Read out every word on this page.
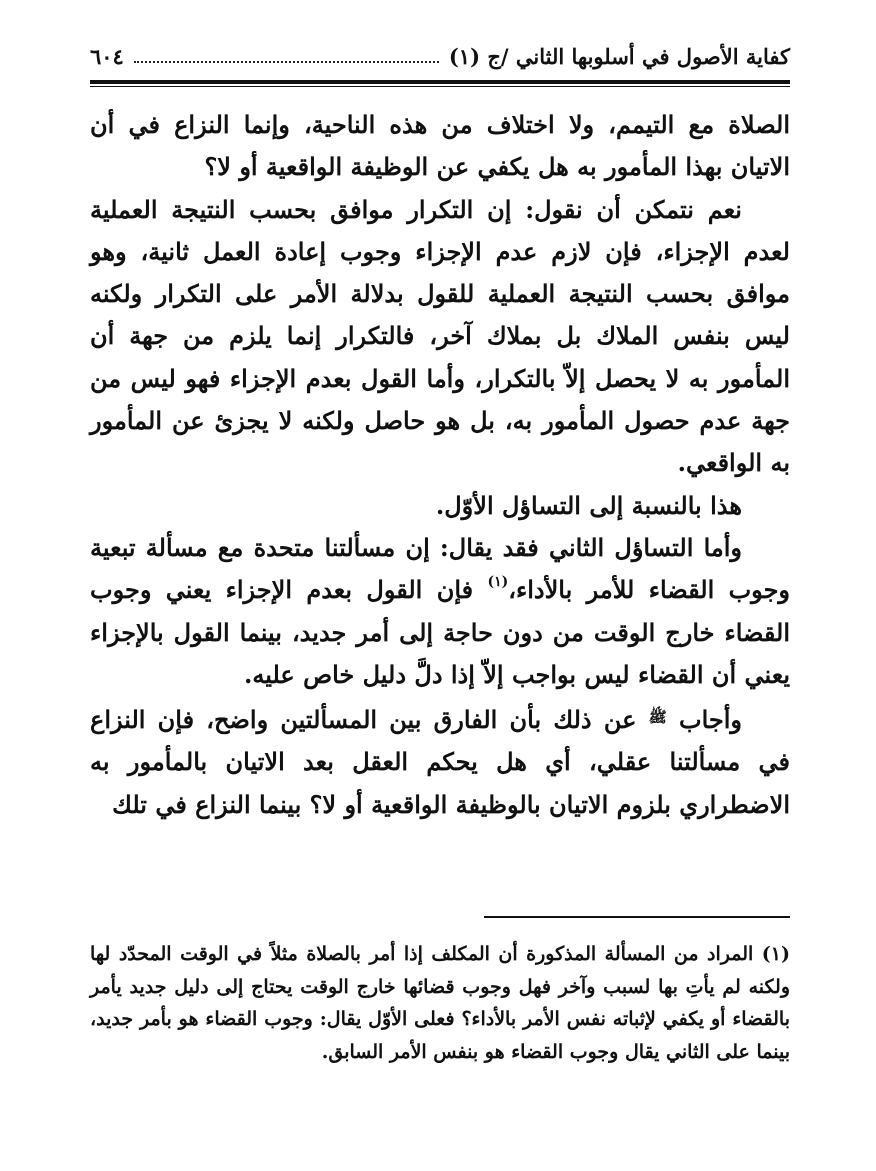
كفاية الأصول في أسلوبها الثاني /ج (١)
٦٠٤

الصلاة مع التيمم، ولا اختلاف من هذه الناحية، وإنما النزاع في أن الاتيان بهذا المأمور به هل يكفي عن الوظيفة الواقعية أو لا؟

نعم نتمكن أن نقول: إن التكرار موافق بحسب النتيجة العملية لعدم الإجزاء، فإن لازم عدم الإجزاء وجوب إعادة العمل ثانية، وهو موافق بحسب النتيجة العملية للقول بدلالة الأمر على التكرار ولكنه ليس بنفس الملاك بل بملاك آخر، فالتكرار إنما يلزم من جهة أن المأمور به لا يحصل إلاّ بالتكرار، وأما القول بعدم الإجزاء فهو ليس من جهة عدم حصول المأمور به، بل هو حاصل ولكنه لا يجزئ عن المأمور به الواقعي.

هذا بالنسبة إلى التساؤل الأوّل.

وأما التساؤل الثاني فقد يقال: إن مسألتنا متحدة مع مسألة تبعية وجوب القضاء للأمر بالأداء،$^{(١)}$ فإن القول بعدم الإجزاء يعني وجوب القضاء خارج الوقت من دون حاجة إلى أمر جديد، بينما القول بالإجزاء يعني أن القضاء ليس بواجب إلاّ إذا دلَّ دليل خاص عليه.

وأجاب $^ﷺ$ عن ذلك بأن الفارق بين المسألتين واضح، فإن النزاع في مسألتنا عقلي، أي هل يحكم العقل بعد الاتيان بالمأمور به الاضطراري بلزوم الاتيان بالوظيفة الواقعية أو لا؟ بينما النزاع في تلك

(١) المراد من المسألة المذكورة أن المكلف إذا أمر بالصلاة مثلاً في الوقت المحدّد لها ولكنه لم يأتِ بها لسبب وآخر فهل وجوب قضائها خارج الوقت يحتاج إلى دليل جديد يأمر بالقضاء أو يكفي لإثباته نفس الأمر بالأداء؟ فعلى الأوّل يقال: وجوب القضاء هو بأمر جديد، بينما على الثاني يقال وجوب القضاء هو بنفس الأمر السابق.
